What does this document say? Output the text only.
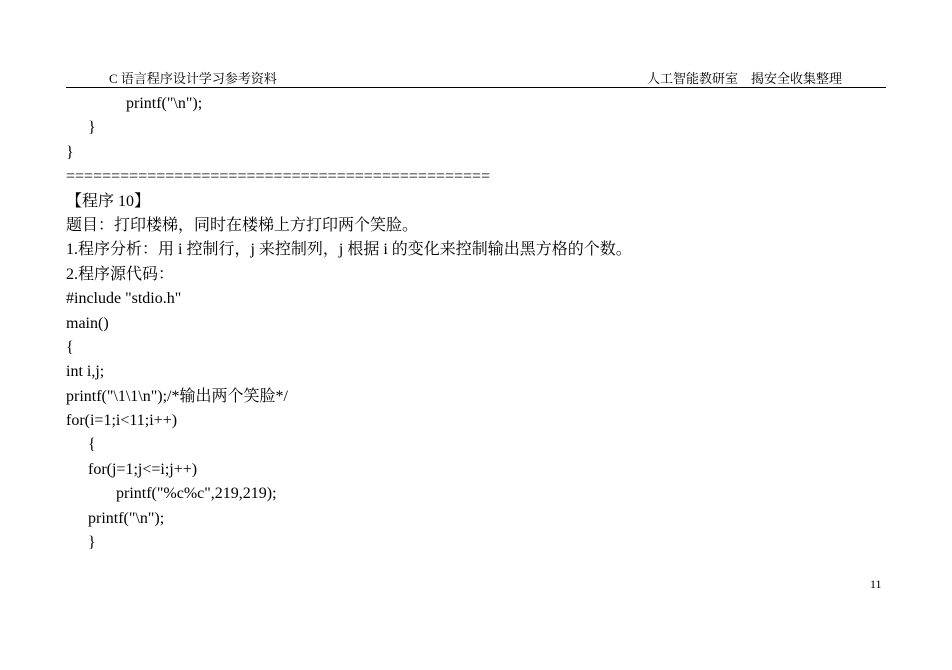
C 语言程序设计学习参考资料	人工智能教研室　揭安全收集整理
printf("\n");
}
}
===============================================
【程序 10】
题目：打印楼梯，同时在楼梯上方打印两个笑脸。
1.程序分析：用 i 控制行，j 来控制列，j 根据 i 的变化来控制输出黑方格的个数。
2.程序源代码：
#include "stdio.h"
main()
{
int i,j;
printf("\1\1\n");/*输出两个笑脸*/
for(i=1;i<11;i++)
{
for(j=1;j<=i;j++)
printf("%c%c",219,219);
printf("\n");
}
11
